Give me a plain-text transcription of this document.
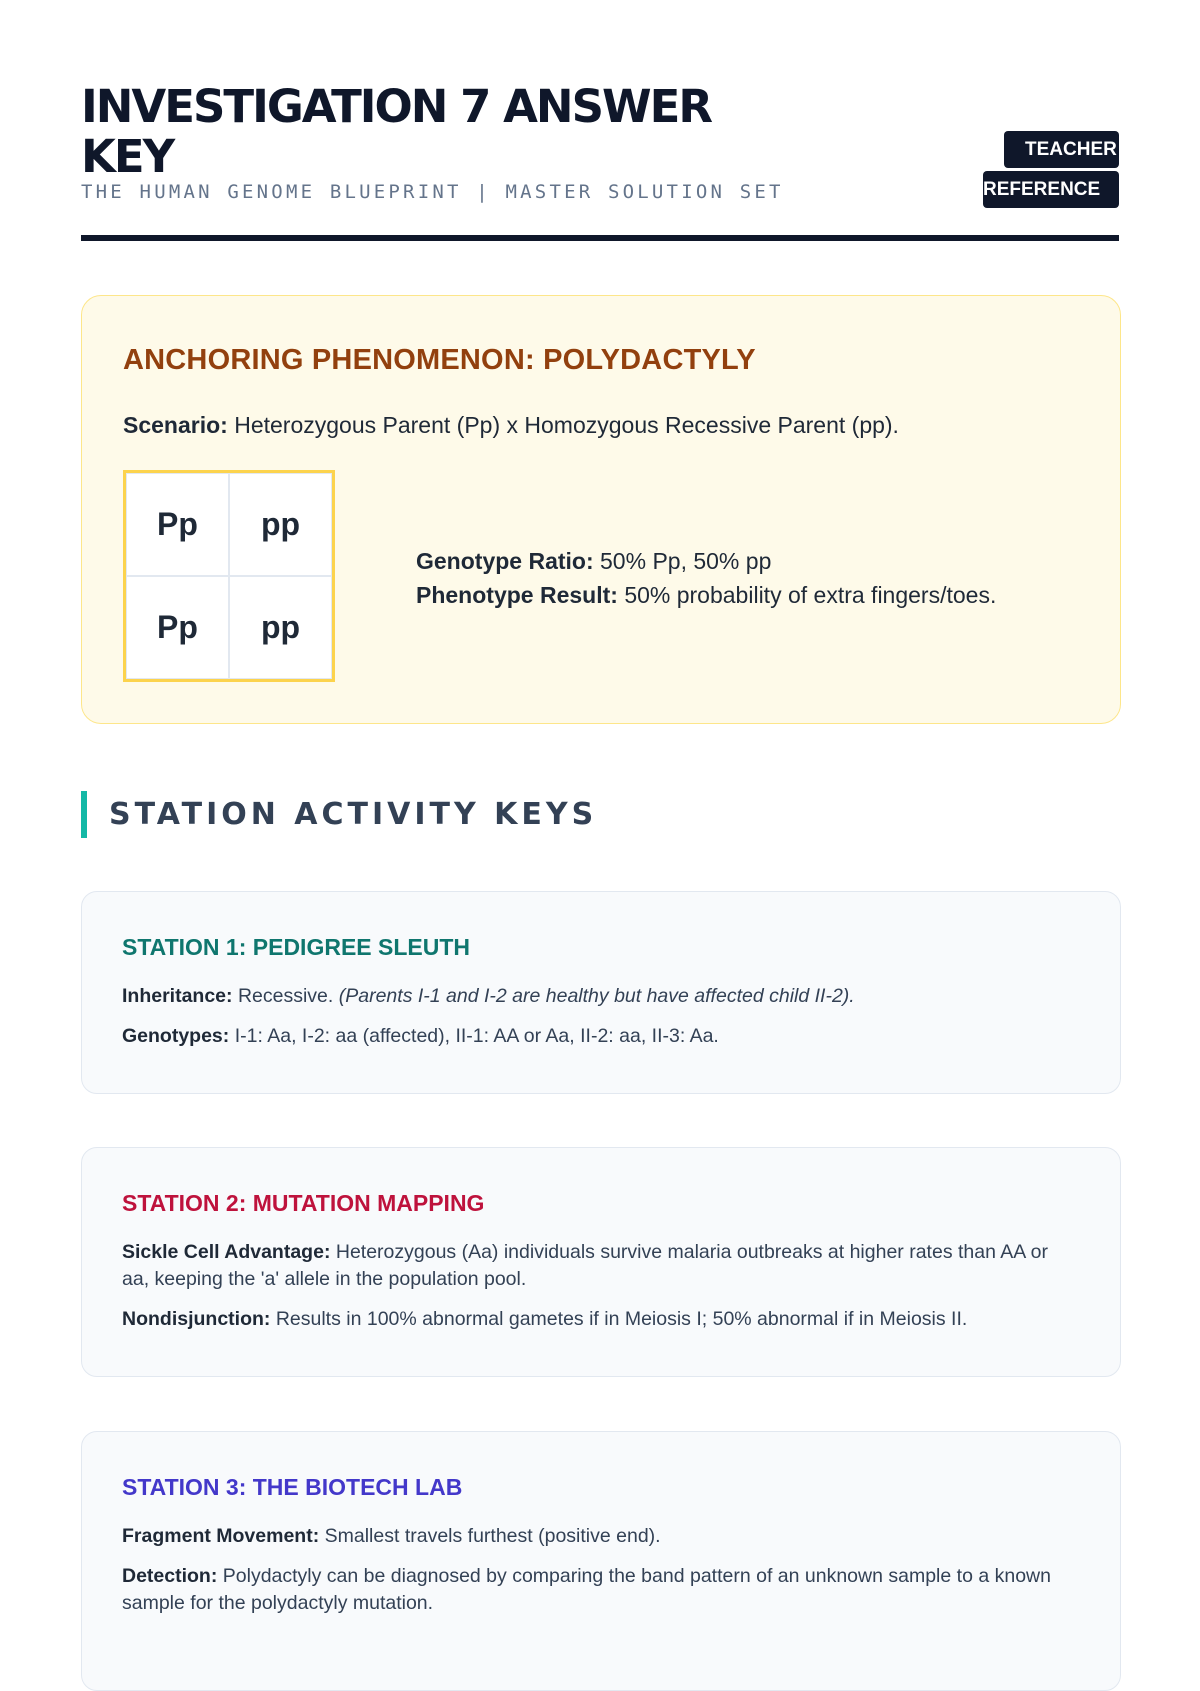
INVESTIGATION 7 ANSWER KEY
THE HUMAN GENOME BLUEPRINT | MASTER SOLUTION SET
TEACHER
REFERENCE
ANCHORING PHENOMENON: POLYDACTYLY

Scenario: Heterozygous Parent (Pp) x Homozygous Recessive Parent (pp).

Pp	pp
Pp	pp
Genotype Ratio: 50% Pp, 50% pp
Phenotype Result: 50% probability of extra fingers/toes.
STATION ACTIVITY KEYS
STATION 1: PEDIGREE SLEUTH

Inheritance: Recessive. (Parents I-1 and I-2 are healthy but have affected child II-2).

Genotypes: I-1: Aa, I-2: aa (affected), II-1: AA or Aa, II-2: aa, II-3: Aa.

STATION 2: MUTATION MAPPING

Sickle Cell Advantage: Heterozygous (Aa) individuals survive malaria outbreaks at higher rates than AA or aa, keeping the 'a' allele in the population pool.

Nondisjunction: Results in 100% abnormal gametes if in Meiosis I; 50% abnormal if in Meiosis II.

STATION 3: THE BIOTECH LAB

Fragment Movement: Smallest travels furthest (positive end).

Detection: Polydactyly can be diagnosed by comparing the band pattern of an unknown sample to a known sample for the polydactyly mutation.
